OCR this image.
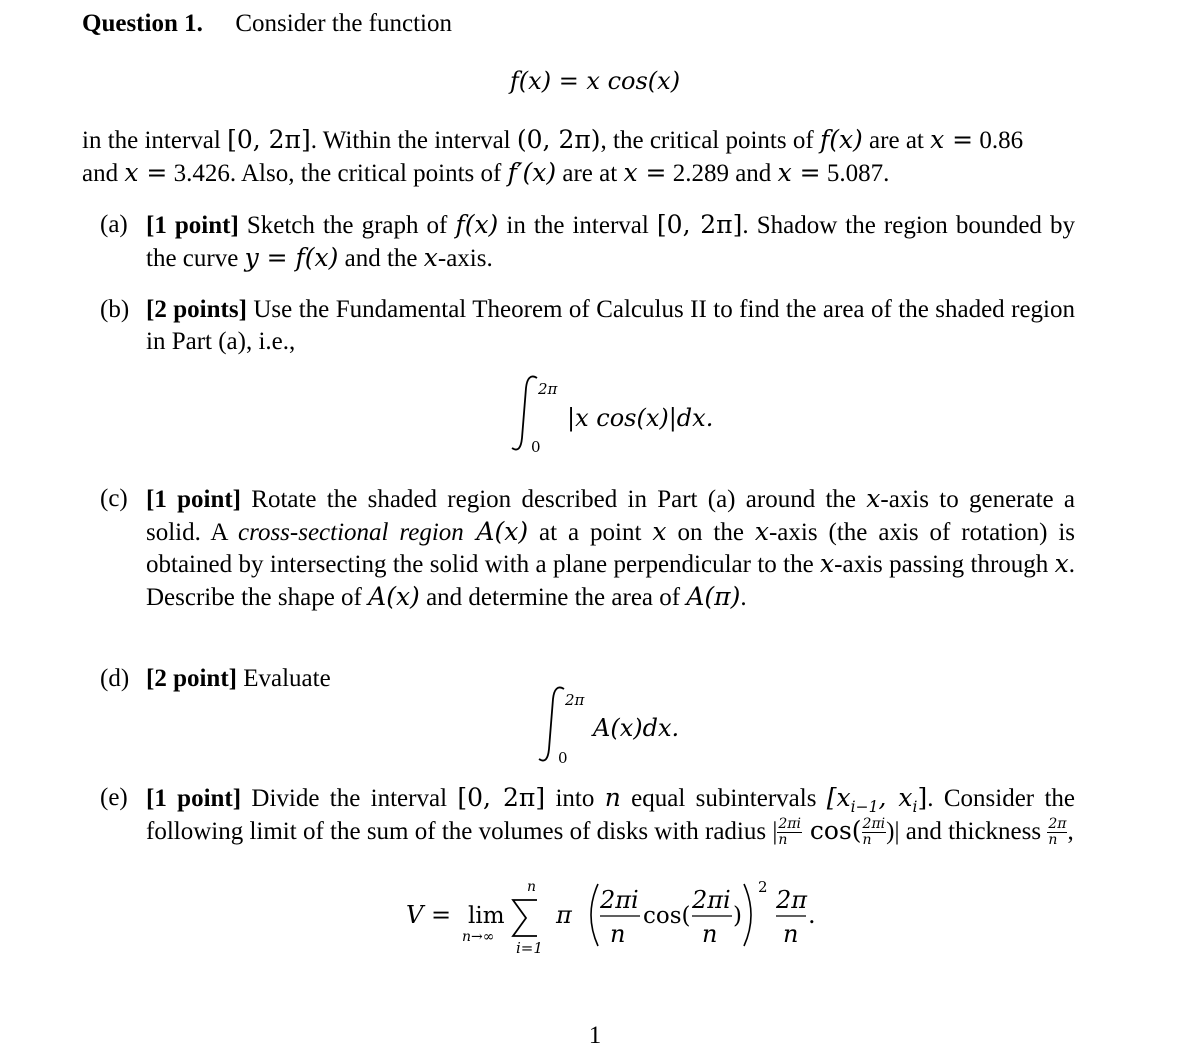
Question 1. Consider the function
f(x) = x cos(x)
in the interval [0, 2π]. Within the interval (0, 2π), the critical points of f(x) are at x = 0.86
and x = 3.426. Also, the critical points of f′(x) are at x = 2.289 and x = 5.087.
(a) [1 point] Sketch the graph of f(x) in the interval [0, 2π]. Shadow the region bounded by the curve y = f(x) and the x-axis.
(b) [2 points] Use the Fundamental Theorem of Calculus II to find the area of the shaded region in Part (a), i.e.,
2π
0
|x cos(x)|dx.
(c) [1 point] Rotate the shaded region described in Part (a) around the x-axis to generate a solid. A cross-sectional region A(x) at a point x on the x-axis (the axis of rotation) is obtained by intersecting the solid with a plane perpendicular to the x-axis passing through x. Describe the shape of A(x) and determine the area of A(π).
(d) [2 point] Evaluate
2π
0
A(x)dx.
(e) [1 point] Divide the interval [0, 2π] into n equal subintervals [$x_{i-1}$, $x_i$]. Consider the following limit of the sum of the volumes of disks with radius | $\frac{2\pi i}{n} \cos( \frac{2\pi i}{n}$ )| and thickness $\frac{2\pi}{n}$ ,
V = lim
n→∞
n
i=1
π
2πi
n
cos(
2πi
n
)
2 2π
n
.
1
